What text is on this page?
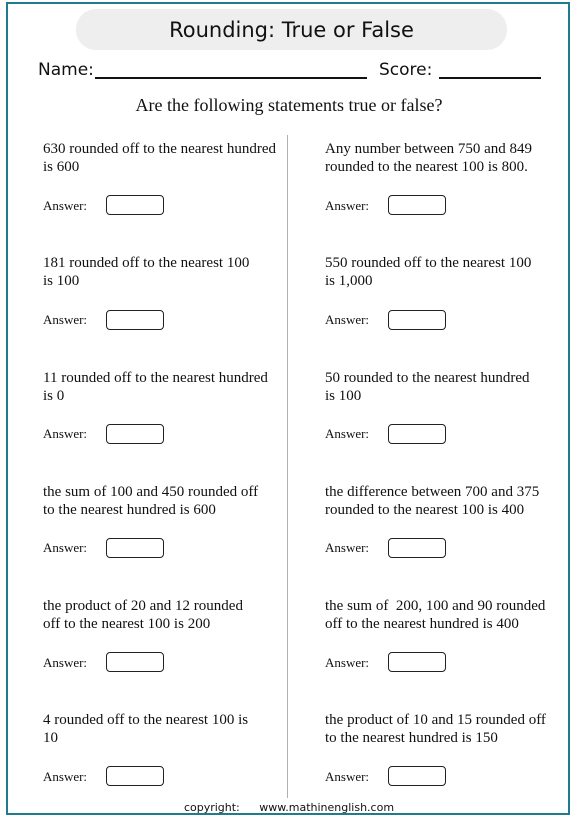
Rounding: True or False
Name:	Score:
Are the following statements true or false?
630 rounded off to the nearest hundred
is 600
Answer:
181 rounded off to the nearest 100
is 100
Answer:
11 rounded off to the nearest hundred
is 0
Answer:
the sum of 100 and 450 rounded off
to the nearest hundred is 600
Answer:
the product of 20 and 12 rounded
off to the nearest 100 is 200
Answer:
4 rounded off to the nearest 100 is
10
Answer:
Any number between 750 and 849
rounded to the nearest 100 is 800.
Answer:
550 rounded off to the nearest 100
is 1,000
Answer:
50 rounded to the nearest hundred
is 100
Answer:
the difference between 700 and 375
rounded to the nearest 100 is 400
Answer:
the sum of  200, 100 and 90 rounded
off to the nearest hundred is 400
Answer:
the product of 10 and 15 rounded off
to the nearest hundred is 150
Answer:
copyright: www.mathinenglish.com
